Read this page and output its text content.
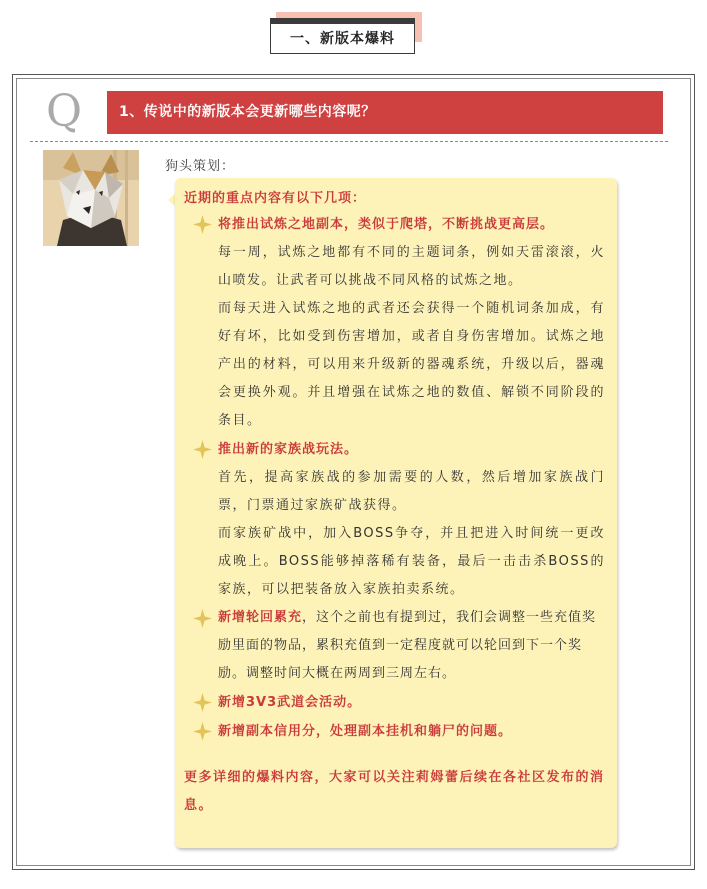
一、新版本爆料
Q	1、传说中的新版本会更新哪些内容呢？
狗头策划：
近期的重点内容有以下几项：
将推出试炼之地副本，类似于爬塔，不断挑战更高层。
每一周，试炼之地都有不同的主题词条，例如天雷滚滚，火山喷发。让武者可以挑战不同风格的试炼之地。
而每天进入试炼之地的武者还会获得一个随机词条加成，有好有坏，比如受到伤害增加，或者自身伤害增加。试炼之地产出的材料，可以用来升级新的器魂系统，升级以后，器魂会更换外观。并且增强在试炼之地的数值、解锁不同阶段的条目。
推出新的家族战玩法。
首先，提高家族战的参加需要的人数，然后增加家族战门票，门票通过家族矿战获得。
而家族矿战中，加入BOSS争夺，并且把进入时间统一更改成晚上。BOSS能够掉落稀有装备，最后一击击杀BOSS的家族，可以把装备放入家族拍卖系统。
新增轮回累充，这个之前也有提到过，我们会调整一些充值奖励里面的物品，累积充值到一定程度就可以轮回到下一个奖励。调整时间大概在两周到三周左右。
新增3V3武道会活动。
新增副本信用分，处理副本挂机和躺尸的问题。
更多详细的爆料内容，大家可以关注莉姆蕾后续在各社区发布的消息。
